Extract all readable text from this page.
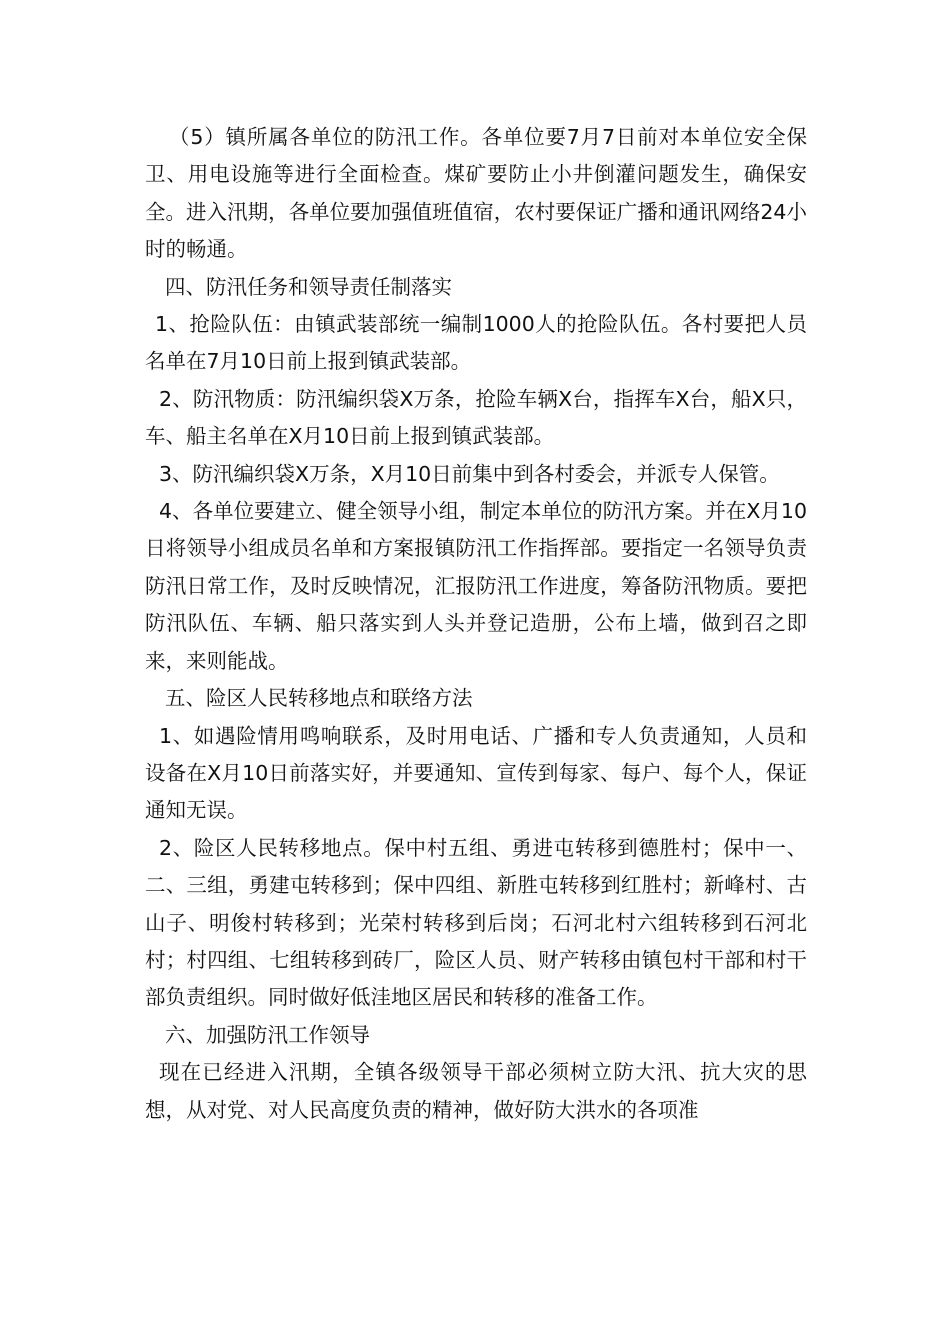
（5）镇所属各单位的防汛工作。各单位要7月7日前对本单位安全保卫、用电设施等进行全面检查。煤矿要防止小井倒灌问题发生，确保安全。进入汛期，各单位要加强值班值宿，农村要保证广播和通讯网络24小时的畅通。

四、防汛任务和领导责任制落实

1、抢险队伍：由镇武装部统一编制1000人的抢险队伍。各村要把人员名单在7月10日前上报到镇武装部。

2、防汛物质：防汛编织袋X万条，抢险车辆X台，指挥车X台，船X只，车、船主名单在X月10日前上报到镇武装部。

3、防汛编织袋X万条，X月10日前集中到各村委会，并派专人保管。

4、各单位要建立、健全领导小组，制定本单位的防汛方案。并在X月10日将领导小组成员名单和方案报镇防汛工作指挥部。要指定一名领导负责防汛日常工作，及时反映情况，汇报防汛工作进度，筹备防汛物质。要把防汛队伍、车辆、船只落实到人头并登记造册，公布上墙，做到召之即来，来则能战。

五、险区人民转移地点和联络方法

1、如遇险情用鸣响联系，及时用电话、广播和专人负责通知，人员和设备在X月10日前落实好，并要通知、宣传到每家、每户、每个人，保证通知无误。

2、险区人民转移地点。保中村五组、勇进屯转移到德胜村；保中一、二、三组，勇建屯转移到；保中四组、新胜屯转移到红胜村；新峰村、古山子、明俊村转移到；光荣村转移到后岗；石河北村六组转移到石河北村；村四组、七组转移到砖厂，险区人员、财产转移由镇包村干部和村干部负责组织。同时做好低洼地区居民和转移的准备工作。

六、加强防汛工作领导

现在已经进入汛期，全镇各级领导干部必须树立防大汛、抗大灾的思想，从对党、对人民高度负责的精神，做好防大洪水的各项准
